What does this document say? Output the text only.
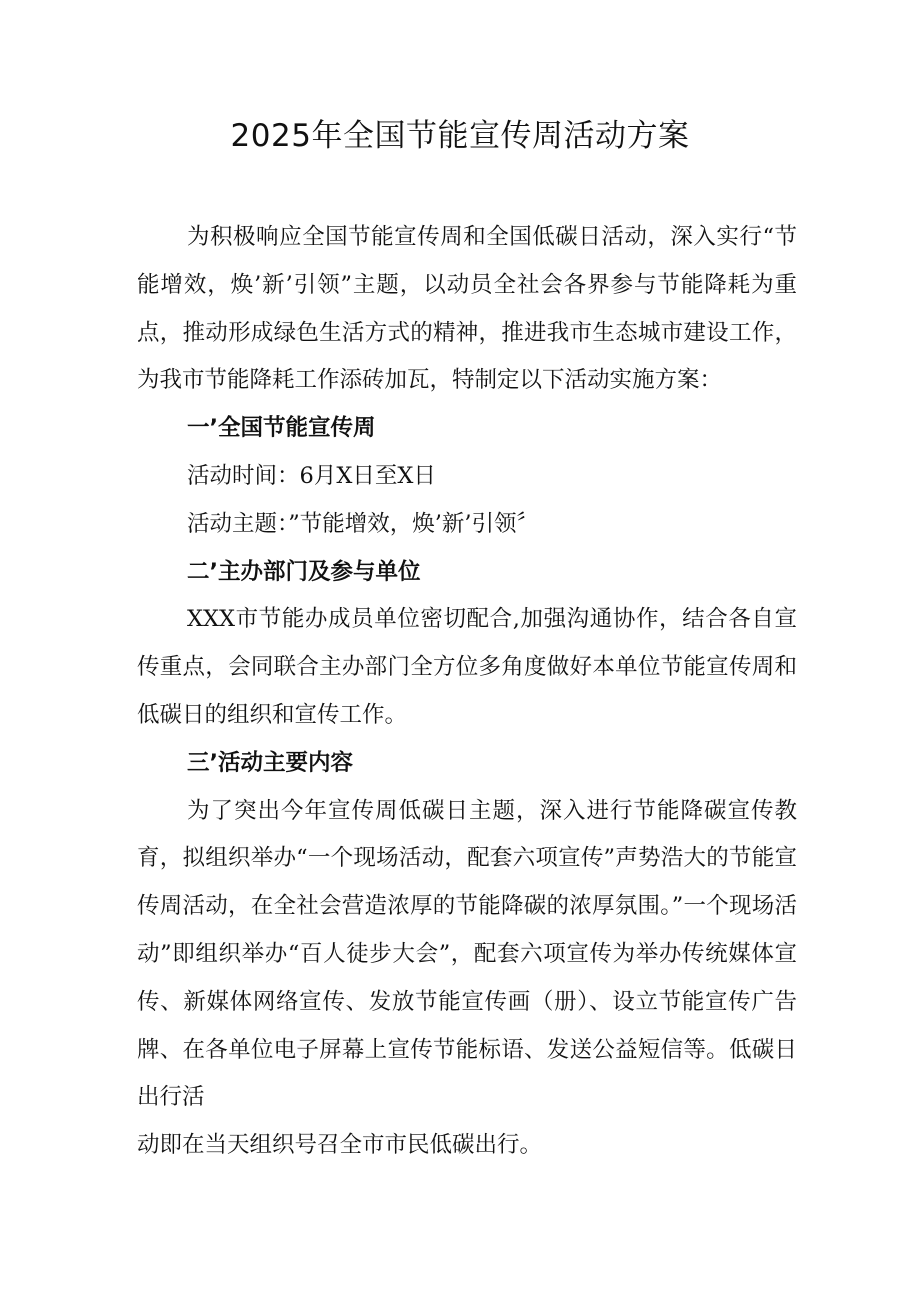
2025年全国节能宣传周活动方案

为积极响应全国节能宣传周和全国低碳日活动，深入实行“节能增效，焕’新’引领”主题，以动员全社会各界参与节能降耗为重点，推动形成绿色生活方式的精神，推进我市生态城市建设工作，为我市节能降耗工作添砖加瓦，特制定以下活动实施方案：

一’全国节能宣传周

活动时间：6月X日至X日

活动主题：”节能增效，焕’新’引领〞

二’主办部门及参与单位

XXX市节能办成员单位密切配合,加强沟通协作，结合各自宣传重点，会同联合主办部门全方位多角度做好本单位节能宣传周和低碳日的组织和宣传工作。

三’活动主要内容

为了突出今年宣传周低碳日主题，深入进行节能降碳宣传教育，拟组织举办“一个现场活动，配套六项宣传”声势浩大的节能宣传周活动，在全社会营造浓厚的节能降碳的浓厚氛围。”一个现场活动”即组织举办“百人徒步大会”，配套六项宣传为举办传统媒体宣传、新媒体网络宣传、发放节能宣传画（册）、设立节能宣传广告牌、在各单位电子屏幕上宣传节能标语、发送公益短信等。低碳日出行活

动即在当天组织号召全市市民低碳出行。
